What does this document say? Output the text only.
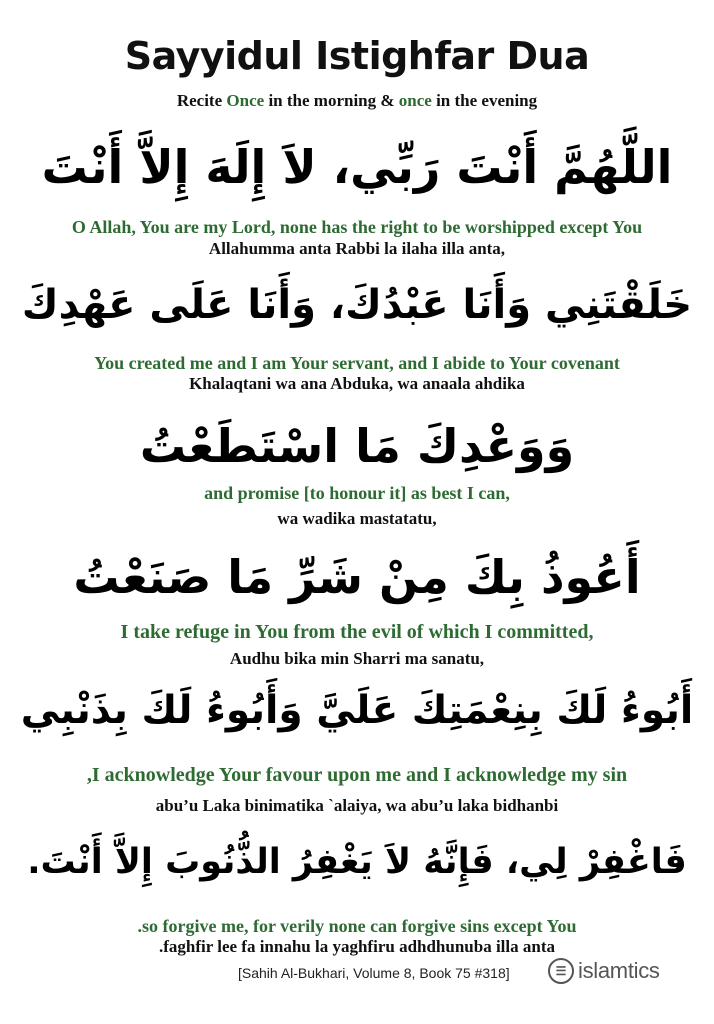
Sayyidul Istighfar Dua
Recite Once in the morning & once in the evening
اللَّهُمَّ أَنْتَ رَبِّي، لاَ إِلَهَ إِلاَّ أَنْتَ
O Allah, You are my Lord, none has the right to be worshipped except You
Allahumma anta Rabbi la ilaha illa anta,
خَلَقْتَنِي وَأَنَا عَبْدُكَ، وَأَنَا عَلَى عَهْدِكَ
You created me and I am Your servant, and I abide to Your covenant
Khalaqtani wa ana Abduka, wa anaala ahdika
وَوَعْدِكَ مَا اسْتَطَعْتُ
and promise [to honour it] as best I can,
wa wadika mastatatu,
أَعُوذُ بِكَ مِنْ شَرِّ مَا صَنَعْتُ
I take refuge in You from the evil of which I committed,
Audhu bika min Sharri ma sanatu,
أَبُوءُ لَكَ بِنِعْمَتِكَ عَلَيَّ وَأَبُوءُ لَكَ بِذَنْبِي
,I acknowledge Your favour upon me and I acknowledge my sin
abu’u Laka binimatika `alaiya, wa abu’u laka bidhanbi
فَاغْفِرْ لِي، فَإِنَّهُ لاَ يَغْفِرُ الذُّنُوبَ إِلاَّ أَنْتَ.
.so forgive me, for verily none can forgive sins except You
.faghfir lee fa innahu la yaghfiru adhdhunuba illa anta
[Sahih Al-Bukhari, Volume 8, Book 75 #318]	☰ islamtics
